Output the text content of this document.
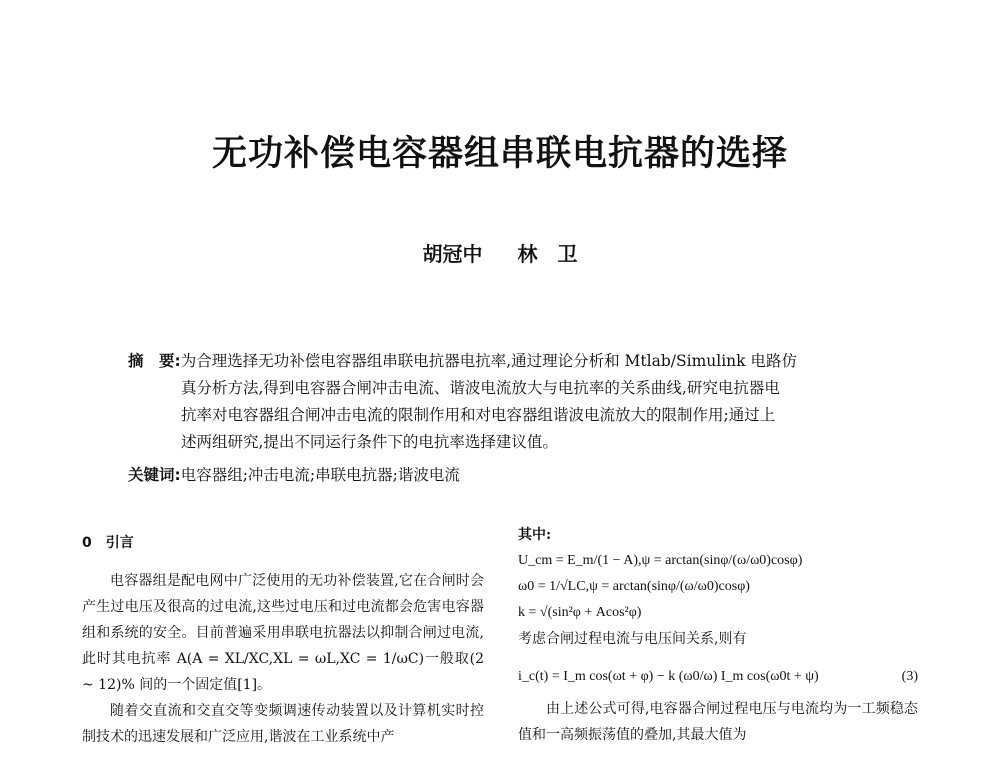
无功补偿电容器组串联电抗器的选择
胡冠中 林　卫
摘　要:为合理选择无功补偿电容器组串联电抗器电抗率,通过理论分析和 Mtlab/Simulink 电路仿
真分析方法,得到电容器合闸冲击电流、谐波电流放大与电抗率的关系曲线,研究电抗器电
抗率对电容器组合闸冲击电流的限制作用和对电容器组谐波电流放大的限制作用;通过上
述两组研究,提出不同运行条件下的电抗率选择建议值。
关键词:电容器组;冲击电流;串联电抗器;谐波电流
0　引言
电容器组是配电网中广泛使用的无功补偿装置,它在合闸时会产生过电压及很高的过电流,这些过电压和过电流都会危害电容器组和系统的安全。目前普遍采用串联电抗器法以抑制合闸过电流,此时其电抗率 A(A = XL/XC,XL = ωL,XC = 1/ωC)一般取(2 ~ 12)% 间的一个固定值[1]。
随着交直流和交直交等变频调速传动装置以及计算机实时控制技术的迅速发展和广泛应用,谐波在工业系统中产
其中:
U_cm = E_m/(1 − A),ψ = arctan(sinφ/(ω/ω0)cosφ)
ω0 = 1/√LC,ψ = arctan(sinφ/(ω/ω0)cosφ)
k = √(sin²φ + Acos²φ)
考虑合闸过程电流与电压间关系,则有
i_c(t) = I_m cos(ωt + φ) − k (ω0/ω) I_m cos(ω0t + ψ)	(3)
由上述公式可得,电容器合闸过程电压与电流均为一工频稳态值和一高频振荡值的叠加,其最大值为
